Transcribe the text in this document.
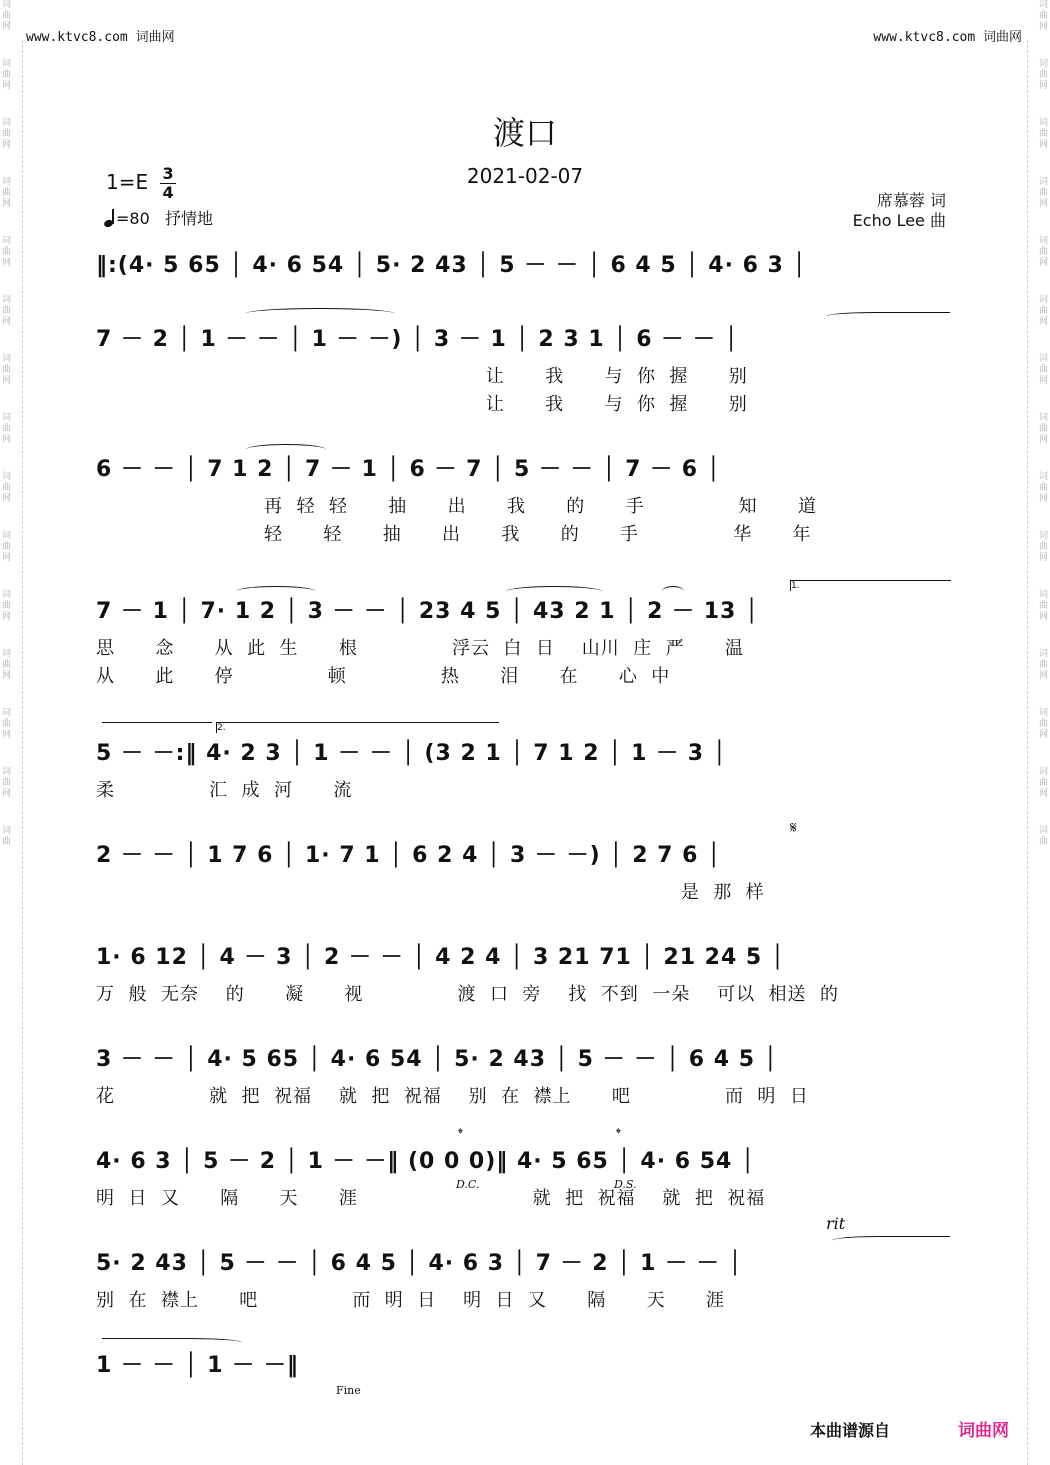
词
曲
网
词
曲
网
词
曲
网
词
曲
网
词
曲
网
词
曲
网
词
曲
网
词
曲
网
词
曲
网
词
曲
网
词
曲
网
词
曲
网
词
曲
网
词
曲
网
词
曲
词
曲
网
词
曲
网
词
曲
网
词
曲
网
词
曲
网
词
曲
网
词
曲
网
词
曲
网
词
曲
网
词
曲
网
词
曲
网
词
曲
网
词
曲
网
词
曲
网
词
曲
www.ktvc8.com 词曲网	www.ktvc8.com 词曲网
渡口
2021-02-07
$1=E \frac{3}{4}$
=80 抒情地
席慕蓉 词
Echo Lee 曲
‖:(4· 5 65 │ 4· 6 54 │ 5· 2 43 │ 5 － － │ 6 4 5 │ 4· 6 3 │
7 － 2 │ 1 － － │ 1 － －) │ 3 － 1 │ 2 3 1 │ 6 － － │
让      我      与  你  握      别
让      我      与  你  握      别
6 － － │ 7 1 2 │ 7 － 1 │ 6 － 7 │ 5 － － │ 7 － 6 │
再  轻  轻      抽      出      我      的      手              知      道
轻      轻      抽      出      我      的      手              华      年
1.
7 － 1 │ 7· 1 2 │ 3 － － │ 23 4 5 │ 43 2 1 │ 2 － 13 │
思      念      从  此  生      根              浮云  白  日    山川  庄  严      温
从      此      停              顿              热      泪      在      心  中
2.
5 － －:‖ 4· 2 3 │ 1 － － │ (3 2 1 │ 7 1 2 │ 1 － 3 │
柔              汇  成  河      流
𝄋
2 － － │ 1 7 6 │ 1· 7 1 │ 6 2 4 │ 3 － －) │ 2 7 6 │
是  那  样
1· 6 12 │ 4 － 3 │ 2 － － │ 4 2 4 │ 3 21 71 │ 21 24 5 │
万  般  无奈    的      凝      视              渡  口  旁    找  不到  一朵    可以  相送  的
3 － － │ 4· 5 65 │ 4· 6 54 │ 5· 2 43 │ 5 － － │ 6 4 5 │
花              就  把  祝福    就  把  祝福    别  在  襟上      吧              而  明  日
𝄌
D.C.
𝄌
D.S.
4· 6 3 │ 5 － 2 │ 1 － －‖ (0 0 0)‖ 4· 5 65 │ 4· 6 54 │
明  日  又      隔      天      涯                          就  把  祝福    就  把  祝福
rit
5· 2 43 │ 5 － － │ 6 4 5 │ 4· 6 3 │ 7 － 2 │ 1 － － │
别  在  襟上      吧              而  明  日    明  日  又      隔      天      涯
1 － － │ 1 － －‖
Fine
本曲谱源自	词曲网
